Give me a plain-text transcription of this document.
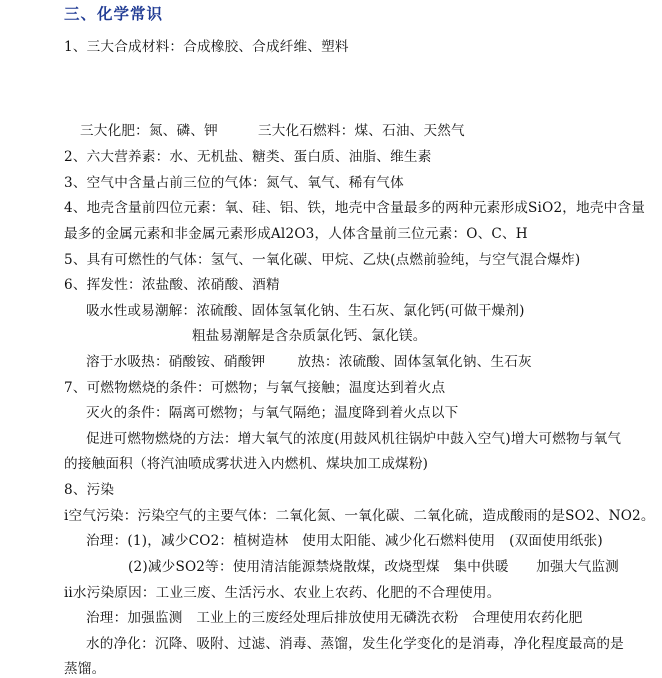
三、化学常识
1、三大合成材料：合成橡胶、合成纤维、塑料
三大化肥：氮、磷、钾	三大化石燃料：煤、石油、天然气
2、六大营养素：水、无机盐、糖类、蛋白质、油脂、维生素
3、空气中含量占前三位的气体：氮气、氧气、稀有气体
4、地壳含量前四位元素：氧、硅、铝、铁，地壳中含量最多的两种元素形成SiO2，地壳中含量
最多的金属元素和非金属元素形成Al2O3，人体含量前三位元素：O、C、H
5、具有可燃性的气体：氢气、一氧化碳、甲烷、乙炔(点燃前验纯，与空气混合爆炸)
6、挥发性：浓盐酸、浓硝酸、酒精
吸水性或易潮解：浓硫酸、固体氢氧化钠、生石灰、氯化钙(可做干燥剂)
粗盐易潮解是含杂质氯化钙、氯化镁。
溶于水吸热：硝酸铵、硝酸钾 放热：浓硫酸、固体氢氧化钠、生石灰
7、可燃物燃烧的条件：可燃物；与氧气接触；温度达到着火点
灭火的条件：隔离可燃物；与氧气隔绝；温度降到着火点以下
促进可燃物燃烧的方法：增大氧气的浓度(用鼓风机往锅炉中鼓入空气)增大可燃物与氧气
的接触面积（将汽油喷成雾状进入内燃机、煤块加工成煤粉)
8、污染
ⅰ空气污染：污染空气的主要气体：二氧化氮、一氧化碳、二氧化硫，造成酸雨的是SO2、NO2。
治理：(1)，减少CO2：植树造林　使用太阳能、减少化石燃料使用　(双面使用纸张)
(2)减少SO2等：使用清洁能源禁烧散煤，改烧型煤　集中供暖　　加强大气监测
ⅱ水污染原因：工业三废、生活污水、农业上农药、化肥的不合理使用。
治理：加强监测　工业上的三废经处理后排放使用无磷洗衣粉　合理使用农药化肥
水的净化：沉降、吸附、过滤、消毒、蒸馏，发生化学变化的是消毒，净化程度最高的是
蒸馏。
